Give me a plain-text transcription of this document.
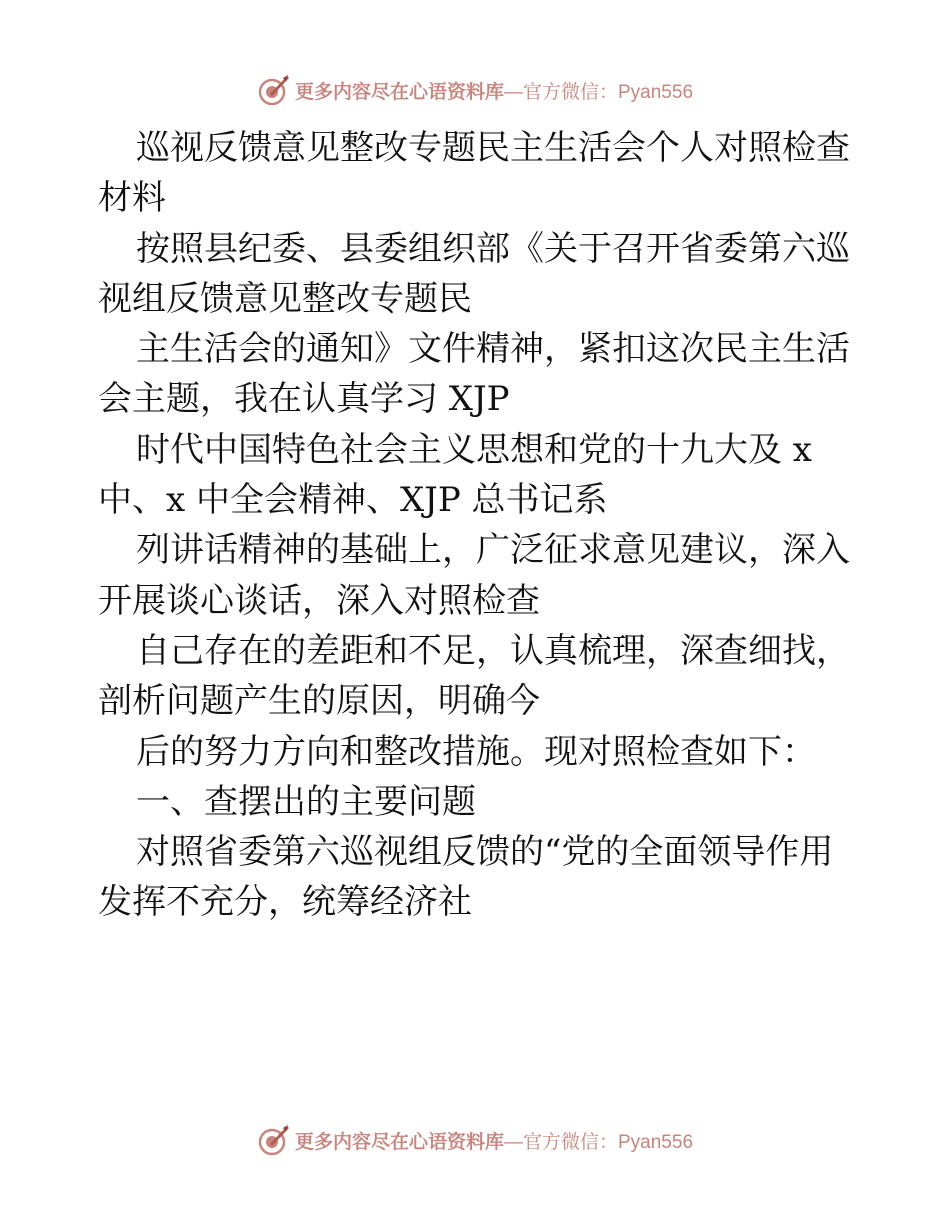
更多内容尽在心语资料库 —官方微信：Pyan556
巡视反馈意见整改专题民主生活会个人对照检查
材料
按照县纪委、县委组织部《关于召开省委第六巡
视组反馈意见整改专题民
主生活会的通知》文件精神，紧扣这次民主生活
会主题，我在认真学习 XJP
时代中国特色社会主义思想和党的十九大及 x
中、x 中全会精神、XJP 总书记系
列讲话精神的基础上，广泛征求意见建议，深入
开展谈心谈话，深入对照检查
自己存在的差距和不足，认真梳理，深查细找，
剖析问题产生的原因，明确今
后的努力方向和整改措施。现对照检查如下：
一、查摆出的主要问题
对照省委第六巡视组反馈的“党的全面领导作用
发挥不充分，统筹经济社
更多内容尽在心语资料库 —官方微信：Pyan556
